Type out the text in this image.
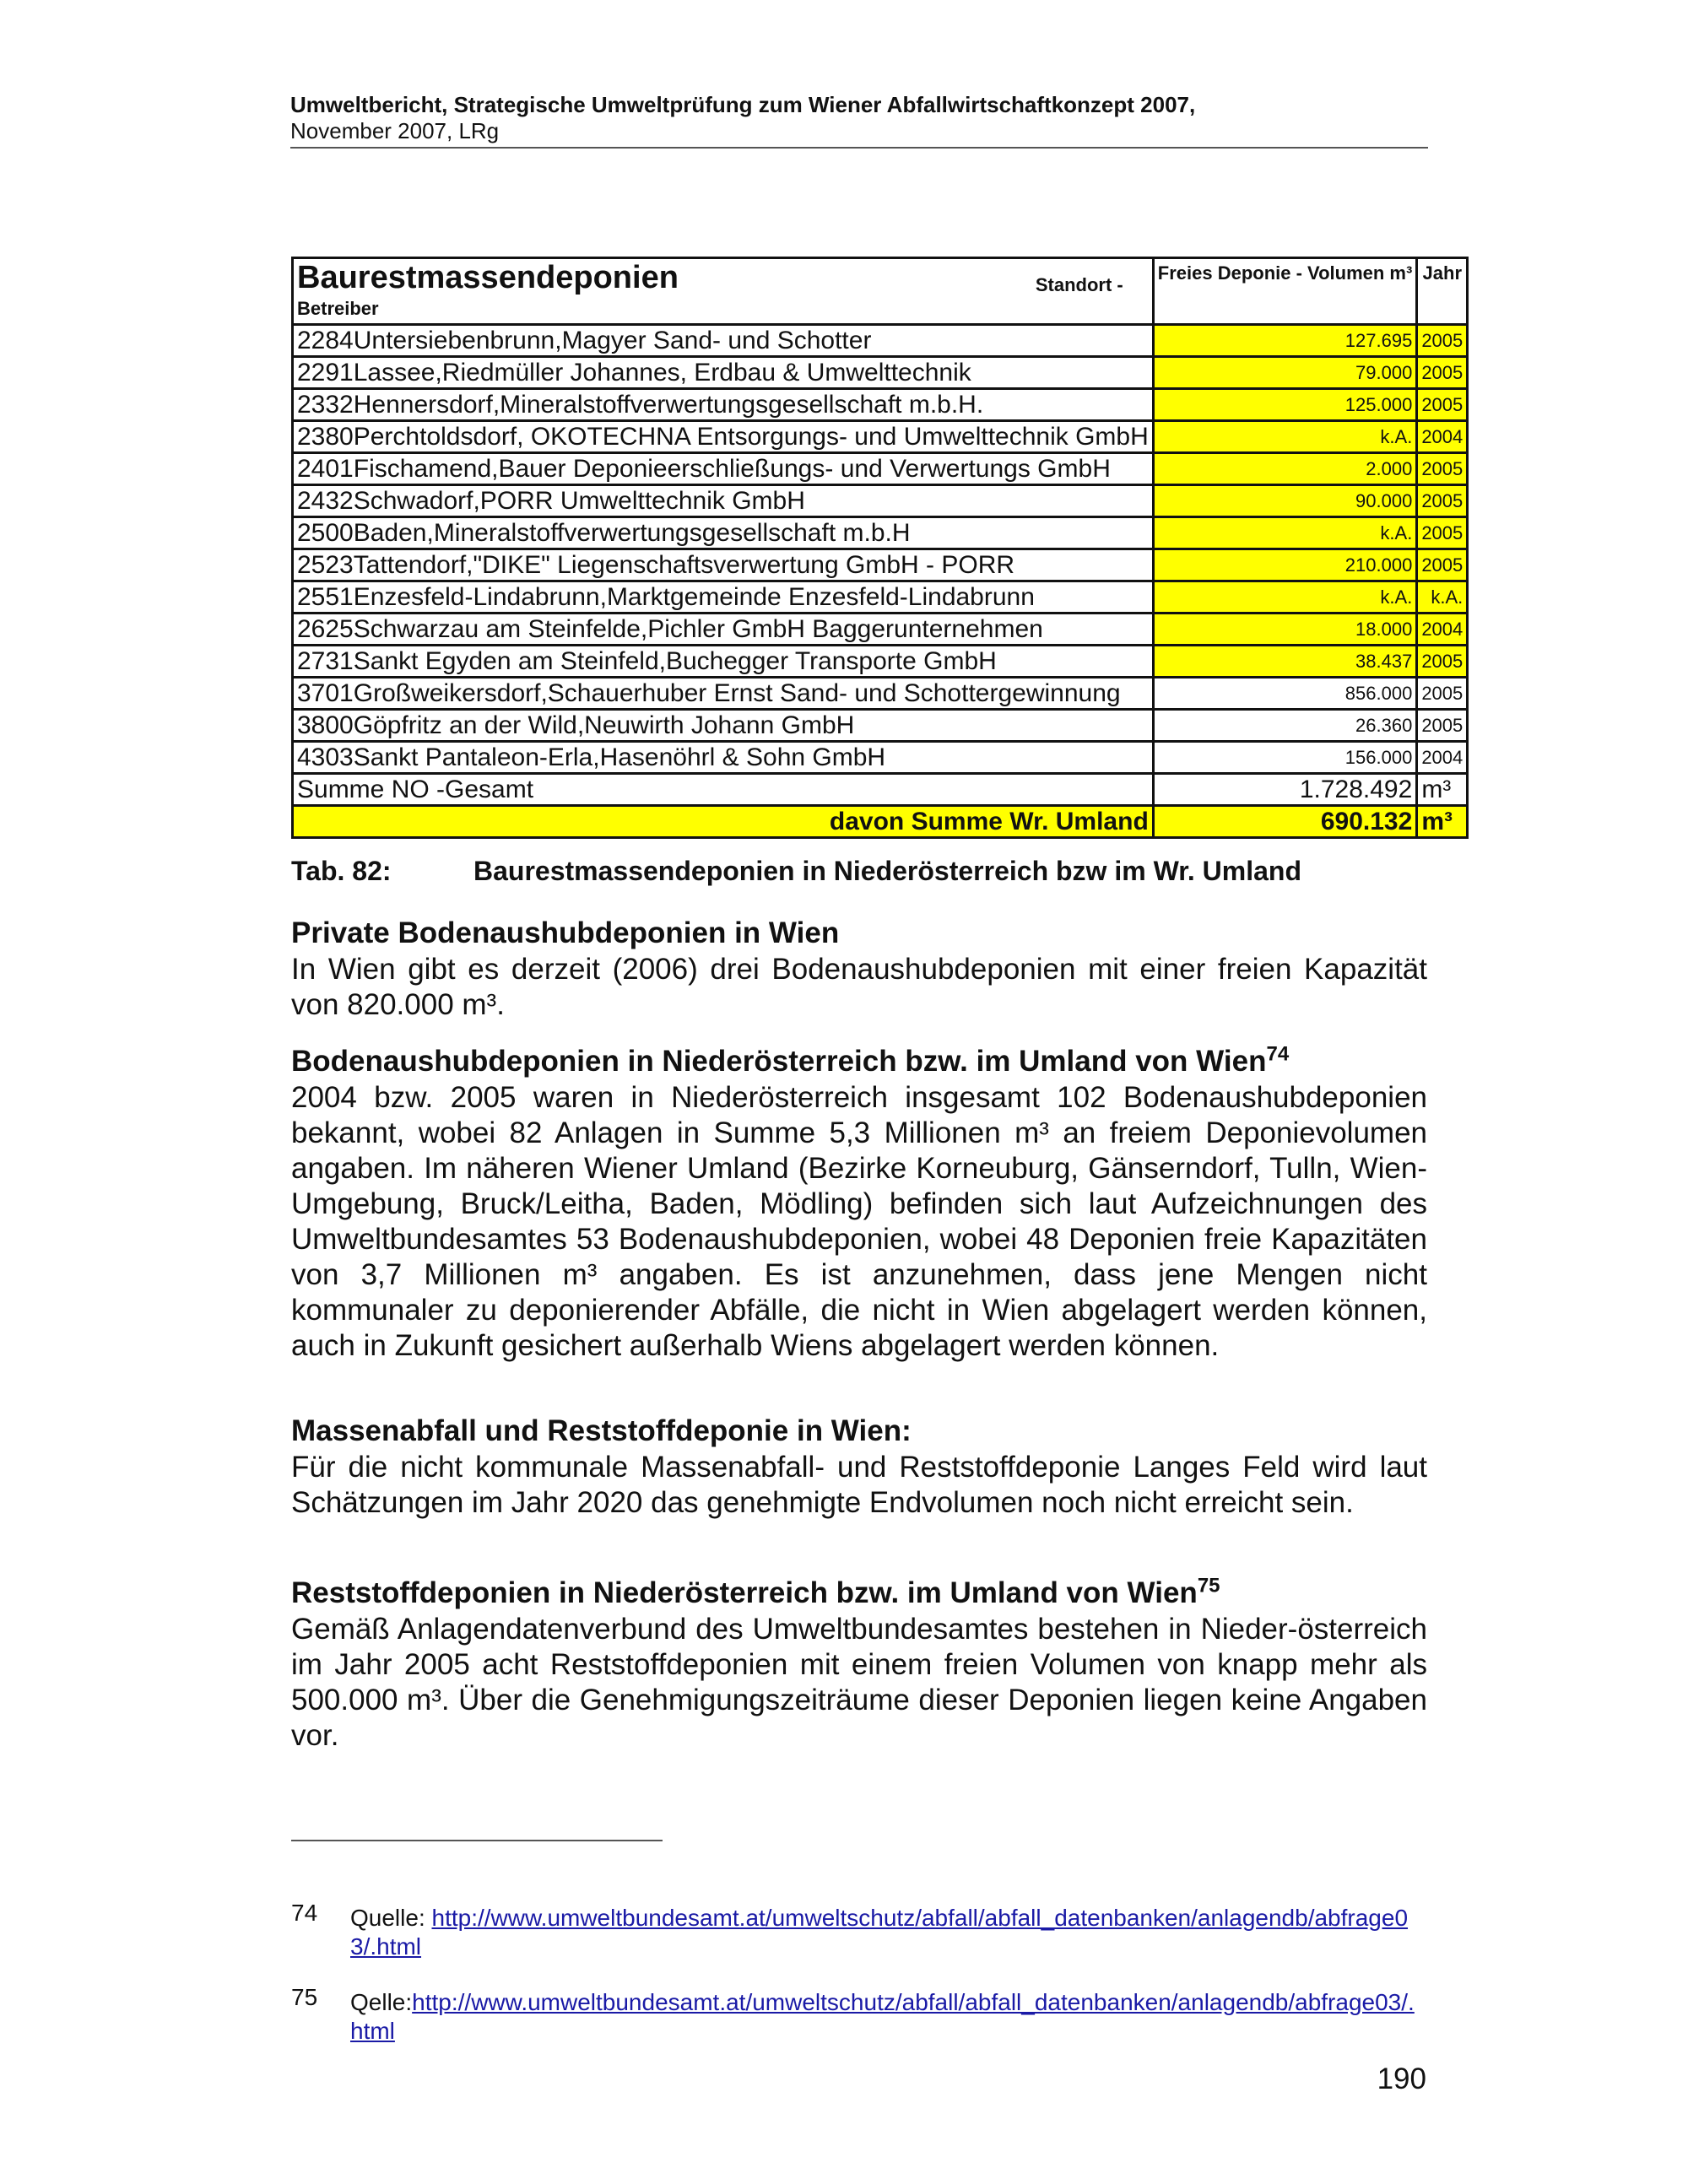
Umweltbericht, Strategische Umweltprüfung zum Wiener Abfallwirtschaftkonzept 2007,
November 2007, LRg
Baurestmassendeponien
Betreiber
Standort -	Freies Deponie - Volumen m³	Jahr
2284Untersiebenbrunn,Magyer Sand- und Schotter	127.695	2005
2291Lassee,Riedmüller Johannes, Erdbau & Umwelttechnik	79.000	2005
2332Hennersdorf,Mineralstoffverwertungsgesellschaft m.b.H.	125.000	2005
2380Perchtoldsdorf, OKOTECHNA Entsorgungs- und Umwelttechnik GmbH	k.A.	2004
2401Fischamend,Bauer Deponieerschließungs- und Verwertungs GmbH	2.000	2005
2432Schwadorf,PORR Umwelttechnik GmbH	90.000	2005
2500Baden,Mineralstoffverwertungsgesellschaft m.b.H	k.A.	2005
2523Tattendorf,"DIKE" Liegenschaftsverwertung GmbH - PORR	210.000	2005
2551Enzesfeld-Lindabrunn,Marktgemeinde Enzesfeld-Lindabrunn	k.A.	k.A.
2625Schwarzau am Steinfelde,Pichler GmbH Baggerunternehmen	18.000	2004
2731Sankt Egyden am Steinfeld,Buchegger Transporte GmbH	38.437	2005
3701Großweikersdorf,Schauerhuber Ernst Sand- und Schottergewinnung	856.000	2005
3800Göpfritz an der Wild,Neuwirth Johann GmbH	26.360	2005
4303Sankt Pantaleon-Erla,Hasenöhrl & Sohn GmbH	156.000	2004
Summe NO -Gesamt	1.728.492	m³
davon Summe Wr. Umland	690.132	m³
Tab. 82:	Baurestmassendeponien in Niederösterreich bzw im Wr. Umland
Private Bodenaushubdeponien in Wien

In Wien gibt es derzeit (2006) drei Bodenaushubdeponien mit einer freien Kapazität von 820.000 m³.

Bodenaushubdeponien in Niederösterreich bzw. im Umland von Wien$^{74}$

2004 bzw. 2005 waren in Niederösterreich insgesamt 102 Bodenaushubdeponien bekannt, wobei 82 Anlagen in Summe 5,3 Millionen m³ an freiem Deponievolumen angaben. Im näheren Wiener Umland (Bezirke Korneuburg, Gänserndorf, Tulln, Wien-Umgebung, Bruck/Leitha, Baden, Mödling) befinden sich laut Aufzeichnungen des Umweltbundesamtes 53 Bodenaushubdeponien, wobei 48 Deponien freie Kapazitäten von 3,7 Millionen m³ angaben. Es ist anzunehmen, dass jene Mengen nicht kommunaler zu deponierender Abfälle, die nicht in Wien abgelagert werden können, auch in Zukunft gesichert außerhalb Wiens abgelagert werden können.

Massenabfall und Reststoffdeponie in Wien:

Für die nicht kommunale Massenabfall- und Reststoffdeponie Langes Feld wird laut Schätzungen im Jahr 2020 das genehmigte Endvolumen noch nicht erreicht sein.

Reststoffdeponien in Niederösterreich bzw. im Umland von Wien$^{75}$

Gemäß Anlagendatenverbund des Umweltbundesamtes bestehen in Nieder-österreich im Jahr 2005 acht Reststoffdeponien mit einem freien Volumen von knapp mehr als 500.000 m³. Über die Genehmigungszeiträume dieser Deponien liegen keine Angaben vor.

74 Quelle: http://www.umweltbundesamt.at/umweltschutz/abfall/abfall_datenbanken/anlagendb/abfrage03/.html
75 Qelle:http://www.umweltbundesamt.at/umweltschutz/abfall/abfall_datenbanken/anlagendb/abfrage03/.html
190
